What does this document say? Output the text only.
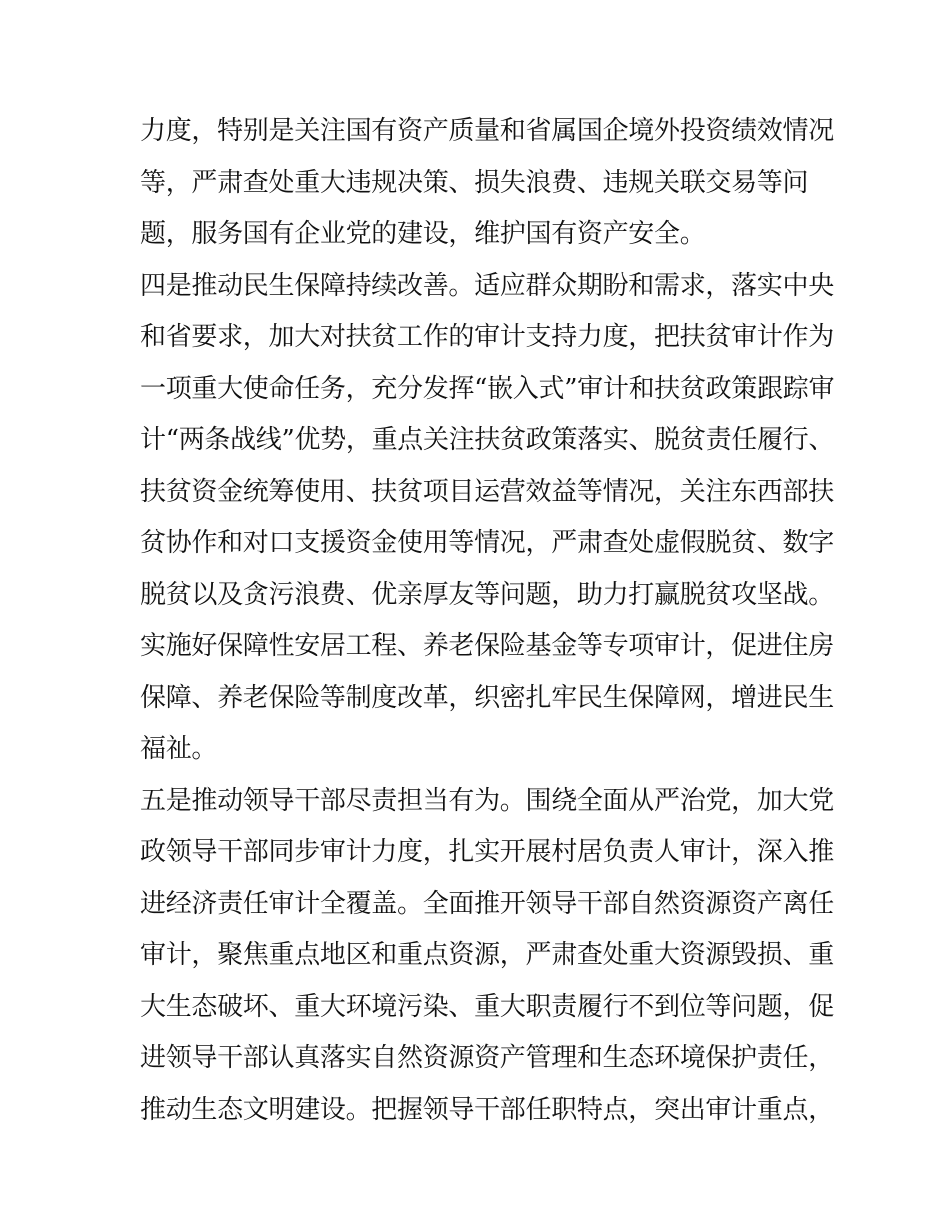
力度，特别是关注国有资产质量和省属国企境外投资绩效情况
等，严肃查处重大违规决策、损失浪费、违规关联交易等问
题，服务国有企业党的建设，维护国有资产安全。
四是推动民生保障持续改善。适应群众期盼和需求，落实中央
和省要求，加大对扶贫工作的审计支持力度，把扶贫审计作为
一项重大使命任务，充分发挥“嵌入式”审计和扶贫政策跟踪审
计“两条战线”优势，重点关注扶贫政策落实、脱贫责任履行、
扶贫资金统筹使用、扶贫项目运营效益等情况，关注东西部扶
贫协作和对口支援资金使用等情况，严肃查处虚假脱贫、数字
脱贫以及贪污浪费、优亲厚友等问题，助力打赢脱贫攻坚战。
实施好保障性安居工程、养老保险基金等专项审计，促进住房
保障、养老保险等制度改革，织密扎牢民生保障网，增进民生
福祉。
五是推动领导干部尽责担当有为。围绕全面从严治党，加大党
政领导干部同步审计力度，扎实开展村居负责人审计，深入推
进经济责任审计全覆盖。全面推开领导干部自然资源资产离任
审计，聚焦重点地区和重点资源，严肃查处重大资源毁损、重
大生态破坏、重大环境污染、重大职责履行不到位等问题，促
进领导干部认真落实自然资源资产管理和生态环境保护责任，
推动生态文明建设。把握领导干部任职特点，突出审计重点，
